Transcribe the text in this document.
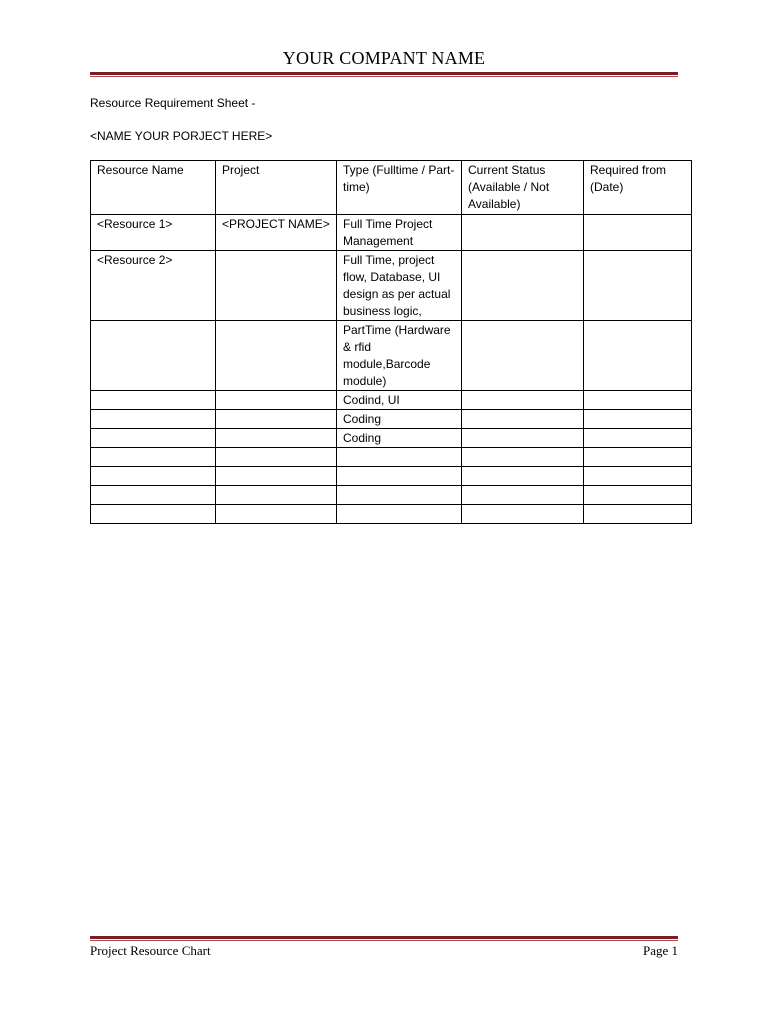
YOUR COMPANT NAME
Resource Requirement Sheet -
<NAME YOUR PORJECT HERE>
Resource Name	Project	Type (Fulltime / Part-time)	Current Status (Available / Not Available)	Required from (Date)
<Resource 1>	<PROJECT NAME>	Full Time Project Management		
<Resource 2>		Full Time, project flow, Database, UI design as per actual business logic,		
		PartTime (Hardware & rfid module,Barcode module)		
		Codind, UI		
		Coding		
		Coding		

Project Resource Chart	Page 1
